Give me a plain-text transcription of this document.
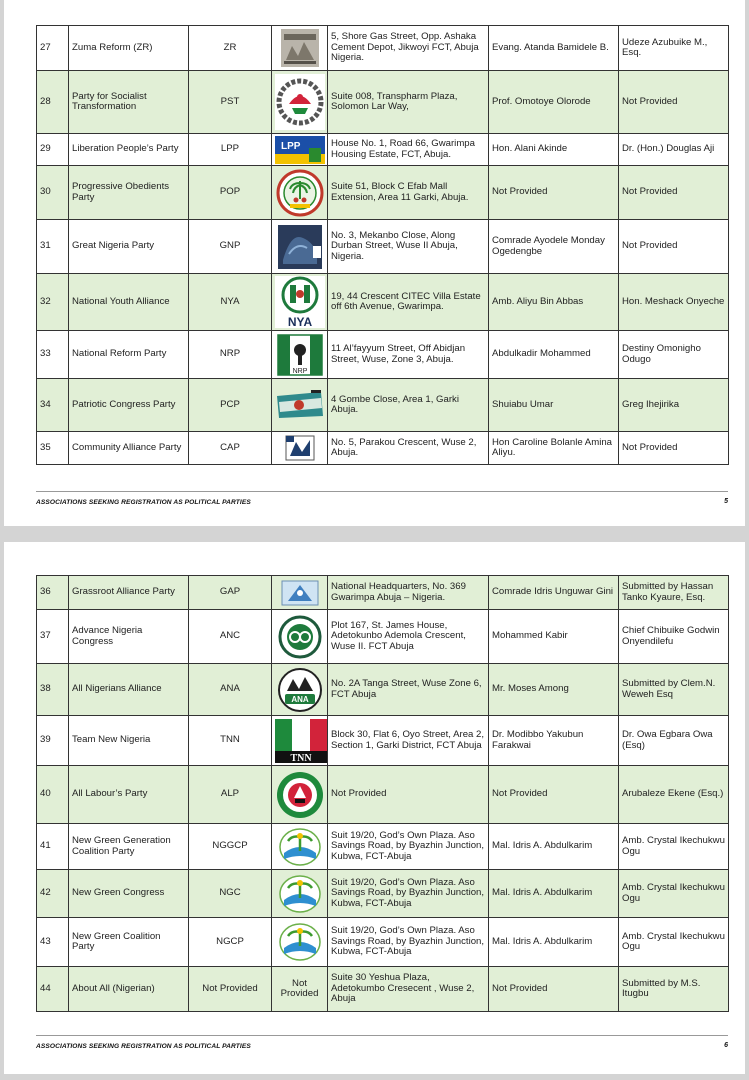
27	Zuma Reform (ZR)	ZR		5, Shore Gas Street, Opp. Ashaka Cement Depot, Jikwoyi FCT, Abuja Nigeria.	Evang. Atanda Bamidele B.	Udeze Azubuike M., Esq.
28	Party for Socialist Transformation	PST		Suite 008, Transpharm Plaza, Solomon Lar Way,	Prof. Omotoye Olorode	Not Provided
29	Liberation People’s Party	LPP	LPP	House No. 1, Road 66, Gwarimpa Housing Estate, FCT, Abuja.	Hon. Alani Akinde	Dr. (Hon.) Douglas Aji
30	Progressive Obedients Party	POP		Suite 51, Block C Efab Mall Extension, Area 11 Garki, Abuja.	Not Provided	Not Provided
31	Great Nigeria Party	GNP		No. 3, Mekanbo Close, Along Durban Street, Wuse II Abuja, Nigeria.	Comrade Ayodele Monday Ogedengbe	Not Provided
32	National Youth Alliance	NYA	NYA	19, 44 Crescent CITEC Villa Estate off 6th Avenue, Gwarimpa.	Amb. Aliyu Bin Abbas	Hon. Meshack Onyeche
33	National Reform Party	NRP	NRP	11 Al’fayyum Street, Off Abidjan Street, Wuse, Zone 3, Abuja.	Abdulkadir Mohammed	Destiny Omonigho Odugo
34	Patriotic Congress Party	PCP		4 Gombe Close, Area 1, Garki Abuja.	Shuiabu Umar	Greg Ihejirika
35	Community Alliance Party	CAP		No. 5, Parakou Crescent, Wuse 2, Abuja.	Hon Caroline Bolanle Amina Aliyu.	Not Provided
ASSOCIATIONS SEEKING REGISTRATION AS POLITICAL PARTIES	5
36	Grassroot Alliance Party	GAP		National Headquarters, No. 369 Gwarimpa Abuja – Nigeria.	Comrade Idris Unguwar Gini	Submitted by Hassan Tanko Kyaure, Esq.
37	Advance Nigeria Congress	ANC		Plot 167, St. James House, Adetokunbo Ademola Crescent, Wuse II. FCT Abuja	Mohammed Kabir	Chief Chibuike Godwin Onyendilefu
38	All Nigerians Alliance	ANA	ANA	No. 2A Tanga Street, Wuse Zone 6, FCT Abuja	Mr. Moses Among	Submitted by Clem.N. Weweh Esq
39	Team New Nigeria	TNN	TNN	Block 30, Flat 6, Oyo Street, Area 2, Section 1, Garki District, FCT Abuja	Dr. Modibbo Yakubun Farakwai	Dr. Owa Egbara Owa (Esq)
40	All Labour’s Party	ALP		Not Provided	Not Provided	Arubaleze Ekene (Esq.)
41	New Green Generation Coalition Party	NGGCP		Suit 19/20, God’s Own Plaza. Aso Savings Road, by Byazhin Junction, Kubwa, FCT-Abuja	Mal. Idris A. Abdulkarim	Amb. Crystal Ikechukwu Ogu
42	New Green Congress	NGC		Suit 19/20, God’s Own Plaza. Aso Savings Road, by Byazhin Junction, Kubwa, FCT-Abuja	Mal. Idris A. Abdulkarim	Amb. Crystal Ikechukwu Ogu
43	New Green Coalition Party	NGCP		Suit 19/20, God’s Own Plaza. Aso Savings Road, by Byazhin Junction, Kubwa, FCT-Abuja	Mal. Idris A. Abdulkarim	Amb. Crystal Ikechukwu Ogu
44	About All (Nigerian)	Not Provided	Not Provided	Suite 30 Yeshua Plaza, Adetokumbo Cresecent , Wuse 2, Abuja	Not Provided	Submitted by M.S. Itugbu
ASSOCIATIONS SEEKING REGISTRATION AS POLITICAL PARTIES	6
